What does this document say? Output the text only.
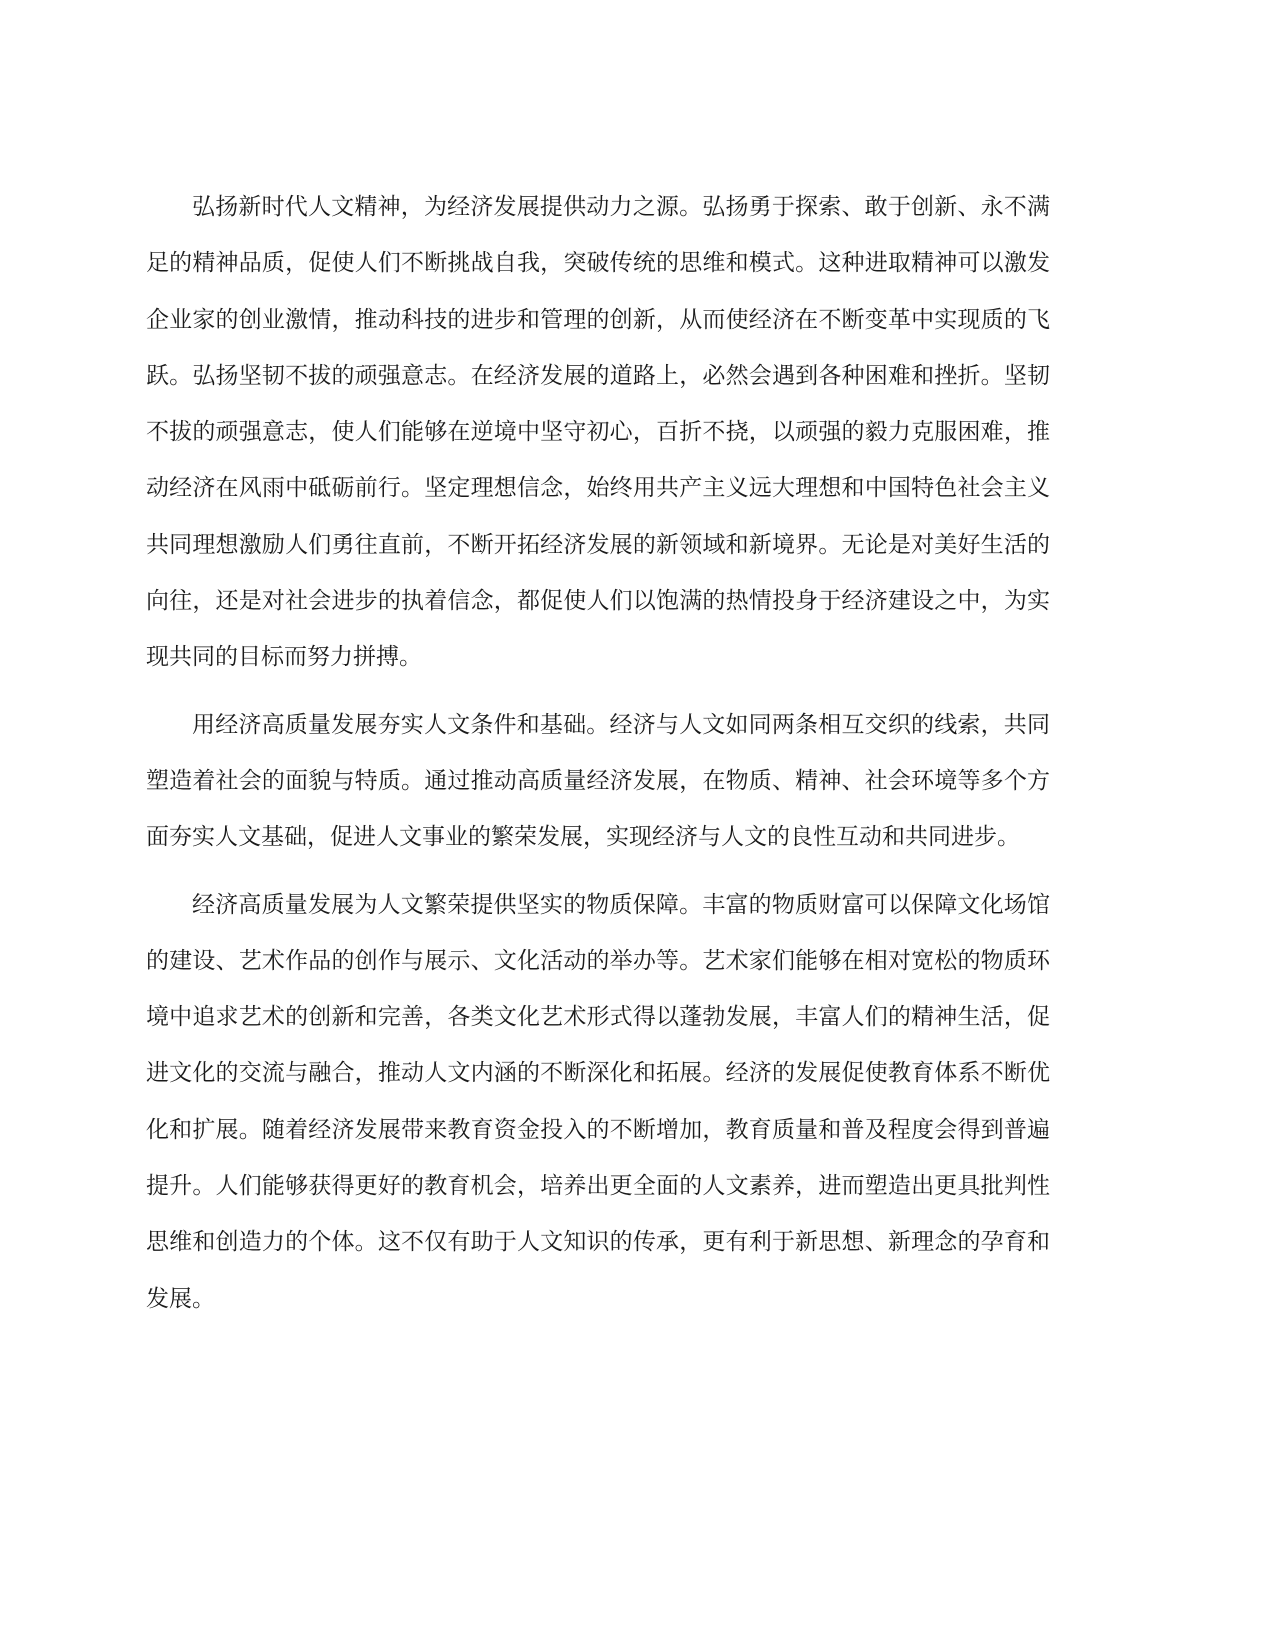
弘扬新时代人文精神，为经济发展提供动力之源。弘扬勇于探索、敢于创新、永不满足的精神品质，促使人们不断挑战自我，突破传统的思维和模式。这种进取精神可以激发企业家的创业激情，推动科技的进步和管理的创新，从而使经济在不断变革中实现质的飞跃。弘扬坚韧不拔的顽强意志。在经济发展的道路上，必然会遇到各种困难和挫折。坚韧不拔的顽强意志，使人们能够在逆境中坚守初心，百折不挠，以顽强的毅力克服困难，推动经济在风雨中砥砺前行。坚定理想信念，始终用共产主义远大理想和中国特色社会主义共同理想激励人们勇往直前，不断开拓经济发展的新领域和新境界。无论是对美好生活的向往，还是对社会进步的执着信念，都促使人们以饱满的热情投身于经济建设之中，为实现共同的目标而努力拼搏。

用经济高质量发展夯实人文条件和基础。经济与人文如同两条相互交织的线索，共同塑造着社会的面貌与特质。通过推动高质量经济发展，在物质、精神、社会环境等多个方面夯实人文基础，促进人文事业的繁荣发展，实现经济与人文的良性互动和共同进步。

经济高质量发展为人文繁荣提供坚实的物质保障。丰富的物质财富可以保障文化场馆的建设、艺术作品的创作与展示、文化活动的举办等。艺术家们能够在相对宽松的物质环境中追求艺术的创新和完善，各类文化艺术形式得以蓬勃发展，丰富人们的精神生活，促进文化的交流与融合，推动人文内涵的不断深化和拓展。经济的发展促使教育体系不断优化和扩展。随着经济发展带来教育资金投入的不断增加，教育质量和普及程度会得到普遍提升。人们能够获得更好的教育机会，培养出更全面的人文素养，进而塑造出更具批判性思维和创造力的个体。这不仅有助于人文知识的传承，更有利于新思想、新理念的孕育和发展。
